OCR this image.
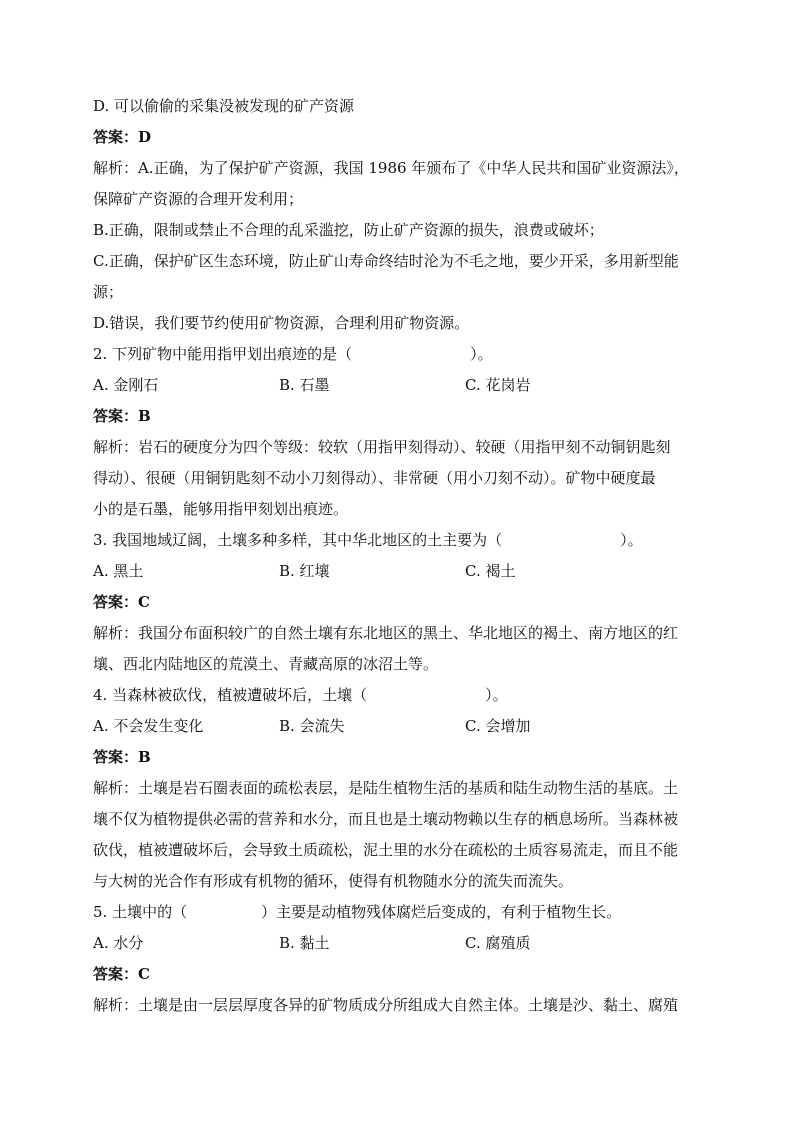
D. 可以偷偷的采集没被发现的矿产资源
答案：D
解析：A.正确，为了保护矿产资源，我国 1986 年颁布了《中华人民共和国矿业资源法》，
保障矿产资源的合理开发利用；
B.正确，限制或禁止不合理的乱采滥挖，防止矿产资源的损失，浪费或破坏；
C.正确，保护矿区生态环境，防止矿山寿命终结时沦为不毛之地，要少开采，多用新型能
源；
D.错误，我们要节约使用矿物资源，合理利用矿物资源。
2. 下列矿物中能用指甲划出痕迹的是（	）。
A. 金刚石	B. 石墨	C. 花岗岩
答案：B
解析：岩石的硬度分为四个等级：较软（用指甲刻得动）、较硬（用指甲刻不动铜钥匙刻
得动）、很硬（用铜钥匙刻不动小刀刻得动）、非常硬（用小刀刻不动）。矿物中硬度最
小的是石墨，能够用指甲刻划出痕迹。
3. 我国地域辽阔，土壤多种多样，其中华北地区的土主要为（	）。
A. 黑土	B. 红壤	C. 褐土
答案：C
解析：我国分布面积较广的自然土壤有东北地区的黑土、华北地区的褐土、南方地区的红
壤、西北内陆地区的荒漠土、青藏高原的冰沼土等。
4. 当森林被砍伐，植被遭破坏后，土壤（	）。
A. 不会发生变化	B. 会流失	C. 会增加
答案：B
解析：土壤是岩石圈表面的疏松表层，是陆生植物生活的基质和陆生动物生活的基底。土
壤不仅为植物提供必需的营养和水分，而且也是土壤动物赖以生存的栖息场所。当森林被
砍伐，植被遭破坏后，会导致土质疏松，泥土里的水分在疏松的土质容易流走，而且不能
与大树的光合作有形成有机物的循环，使得有机物随水分的流失而流失。
5. 土壤中的（	）主要是动植物残体腐烂后变成的，有利于植物生长。
A. 水分	B. 黏土	C. 腐殖质
答案：C
解析：土壤是由一层层厚度各异的矿物质成分所组成大自然主体。土壤是沙、黏土、腐殖
